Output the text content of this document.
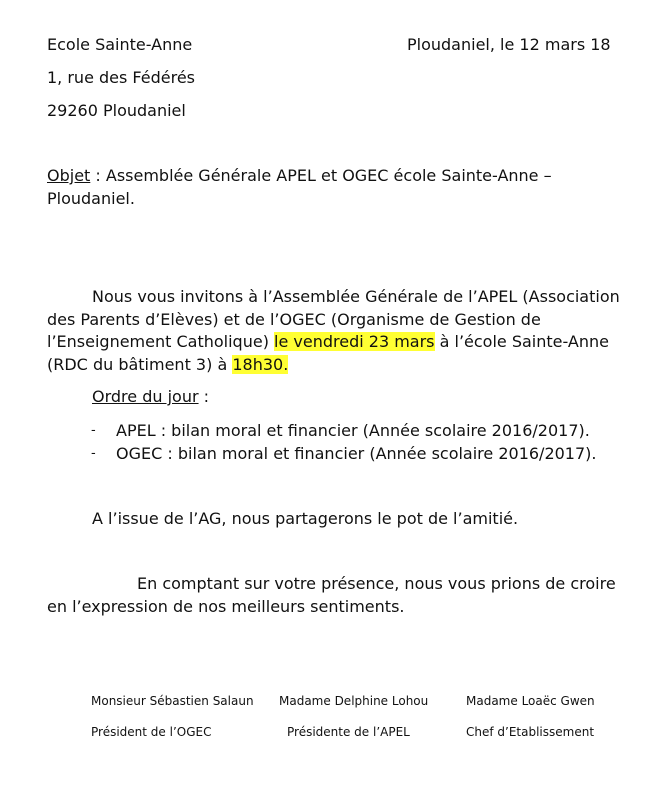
Ecole Sainte-Anne
1, rue des Fédérés
29260 Ploudaniel
Ploudaniel, le 12 mars 18
Objet : Assemblée Générale APEL et OGEC école Sainte-Anne –
Ploudaniel.
Nous vous invitons à l’Assemblée Générale de l’APEL (Association
des Parents d’Elèves) et de l’OGEC (Organisme de Gestion de
l’Enseignement Catholique) le vendredi 23 mars à l’école Sainte-Anne
(RDC du bâtiment 3) à 18h30.
Ordre du jour :
- APEL : bilan moral et financier (Année scolaire 2016/2017).
- OGEC : bilan moral et financier (Année scolaire 2016/2017).
A l’issue de l’AG, nous partagerons le pot de l’amitié.
En comptant sur votre présence, nous vous prions de croire
en l’expression de nos meilleurs sentiments.
Monsieur Sébastien Salaun
Président de l’OGEC
Madame Delphine Lohou
Présidente de l’APEL
Madame Loaëc Gwen
Chef d’Etablissement
